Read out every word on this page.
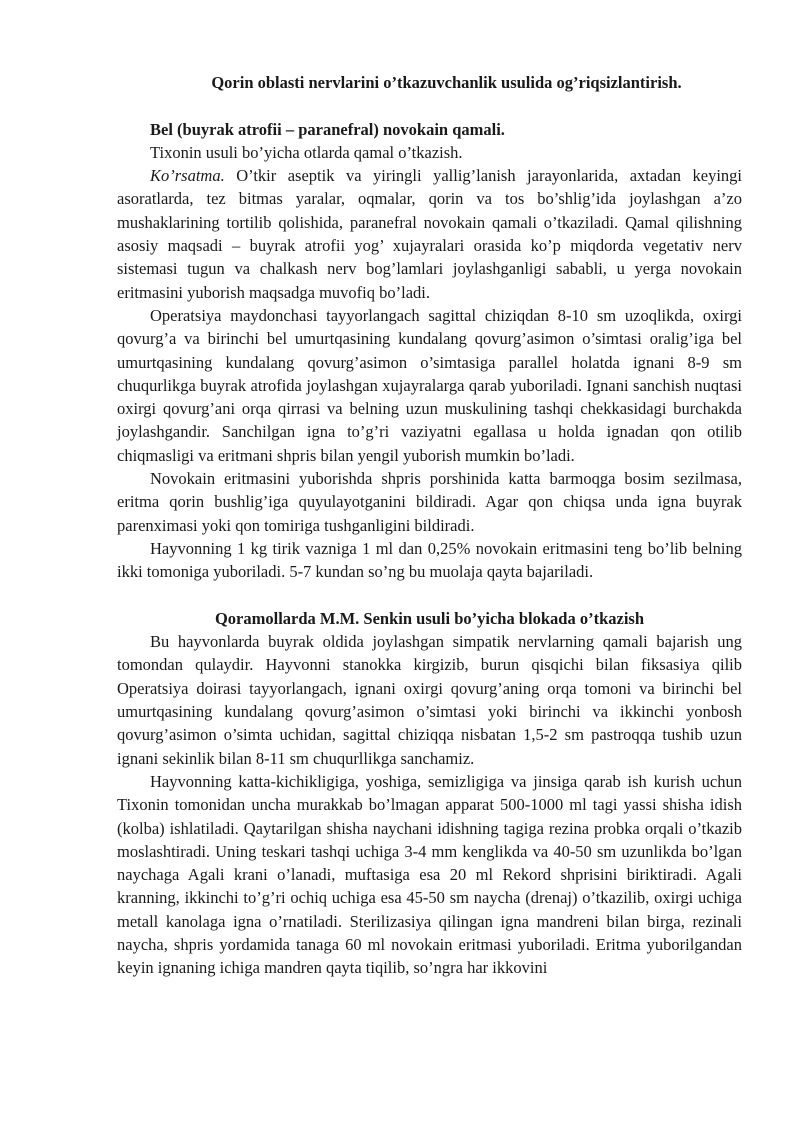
Qorin oblasti nervlarini o’tkazuvchanlik usulida og’riqsizlantirish.
Bel (buyrak atrofii – paranefral) novokain qamali.

Tixonin usuli bo’yicha otlarda qamal o’tkazish.

Ko’rsatma. O’tkir aseptik va yiringli yallig’lanish jarayonlarida, axtadan keyingi asoratlarda, tez bitmas yaralar, oqmalar, qorin va tos bo’shlig’ida joylashgan a’zo mushaklarining tortilib qolishida, paranefral novokain qamali o’tkaziladi. Qamal qilishning asosiy maqsadi – buyrak atrofii yog’ xujayralari orasida ko’p miqdorda vegetativ nerv sistemasi tugun va chalkash nerv bog’lamlari joylashganligi sababli, u yerga novokain eritmasini yuborish maqsadga muvofiq bo’ladi.

Operatsiya maydonchasi tayyorlangach sagittal chiziqdan 8-10 sm uzoqlikda, oxirgi qovurg’a va birinchi bel umurtqasining kundalang qovurg’asimon o’simtasi oralig’iga bel umurtqasining kundalang qovurg’asimon o’simtasiga parallel holatda ignani 8-9 sm chuqurlikga buyrak atrofida joylashgan xujayralarga qarab yuboriladi. Ignani sanchish nuqtasi oxirgi qovurg’ani orqa qirrasi va belning uzun muskulining tashqi chekkasidagi burchakda joylashgandir. Sanchilgan igna to’g’ri vaziyatni egallasa u holda ignadan qon otilib chiqmasligi va eritmani shpris bilan yengil yuborish mumkin bo’ladi.

Novokain eritmasini yuborishda shpris porshinida katta barmoqga bosim sezilmasa, eritma qorin bushlig’iga quyulayotganini bildiradi. Agar qon chiqsa unda igna buyrak parenximasi yoki qon tomiriga tushganligini bildiradi.

Hayvonning 1 kg tirik vazniga 1 ml dan 0,25% novokain eritmasini teng bo’lib belning ikki tomoniga yuboriladi. 5-7 kundan so’ng bu muolaja qayta bajariladi.

Qoramollarda M.M. Senkin usuli bo’yicha blokada o’tkazish

Bu hayvonlarda buyrak oldida joylashgan simpatik nervlarning qamali bajarish ung tomondan qulaydir. Hayvonni stanokka kirgizib, burun qisqichi bilan fiksasiya qilib Operatsiya doirasi tayyorlangach, ignani oxirgi qovurg’aning orqa tomoni va birinchi bel umurtqasining kundalang qovurg’asimon o’simtasi yoki birinchi va ikkinchi yonbosh qovurg’asimon o’simta uchidan, sagittal chiziqqa nisbatan 1,5-2 sm pastroqqa tushib uzun ignani sekinlik bilan 8-11 sm chuqurllikga sanchamiz.

Hayvonning katta-kichikligiga, yoshiga, semizligiga va jinsiga qarab ish kurish uchun Tixonin tomonidan uncha murakkab bo’lmagan apparat 500-1000 ml tagi yassi shisha idish (kolba) ishlatiladi. Qaytarilgan shisha naychani idishning tagiga rezina probka orqali o’tkazib moslashtiradi. Uning teskari tashqi uchiga 3-4 mm kenglikda va 40-50 sm uzunlikda bo’lgan naychaga Agali krani o’lanadi, muftasiga esa 20 ml Rekord shprisini biriktiradi. Agali kranning, ikkinchi to’g’ri ochiq uchiga esa 45-50 sm naycha (drenaj) o’tkazilib, oxirgi uchiga metall kanolaga igna o’rnatiladi. Sterilizasiya qilingan igna mandreni bilan birga, rezinali naycha, shpris yordamida tanaga 60 ml novokain eritmasi yuboriladi. Eritma yuborilgandan keyin ignaning ichiga mandren qayta tiqilib, so’ngra har ikkovini
